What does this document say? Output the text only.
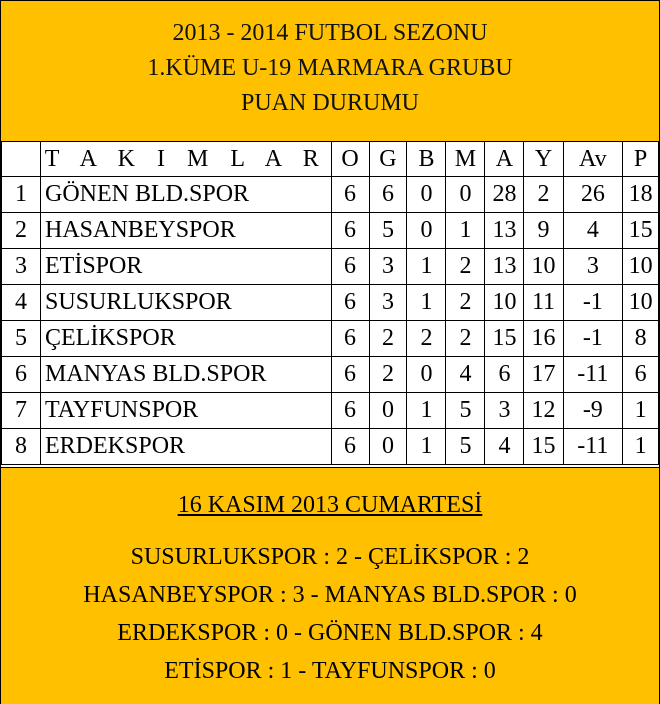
2013 - 2014 FUTBOL SEZONU
1.KÜME U-19 MARMARA GRUBU
PUAN DURUMU
	T A K I M L A R	O	G	B	M	A	Y	Av	P
1	GÖNEN BLD.SPOR	6	6	0	0	28	2	26	18
2	HASANBEYSPOR	6	5	0	1	13	9	4	15
3	ETİSPOR	6	3	1	2	13	10	3	10
4	SUSURLUKSPOR	6	3	1	2	10	11	-1	10
5	ÇELİKSPOR	6	2	2	2	15	16	-1	8
6	MANYAS BLD.SPOR	6	2	0	4	6	17	-11	6
7	TAYFUNSPOR	6	0	1	5	3	12	-9	1
8	ERDEKSPOR	6	0	1	5	4	15	-11	1
16 KASIM 2013 CUMARTESİ
SUSURLUKSPOR : 2 - ÇELİKSPOR : 2
HASANBEYSPOR : 3 - MANYAS BLD.SPOR : 0
ERDEKSPOR : 0 - GÖNEN BLD.SPOR : 4
ETİSPOR : 1 - TAYFUNSPOR : 0
